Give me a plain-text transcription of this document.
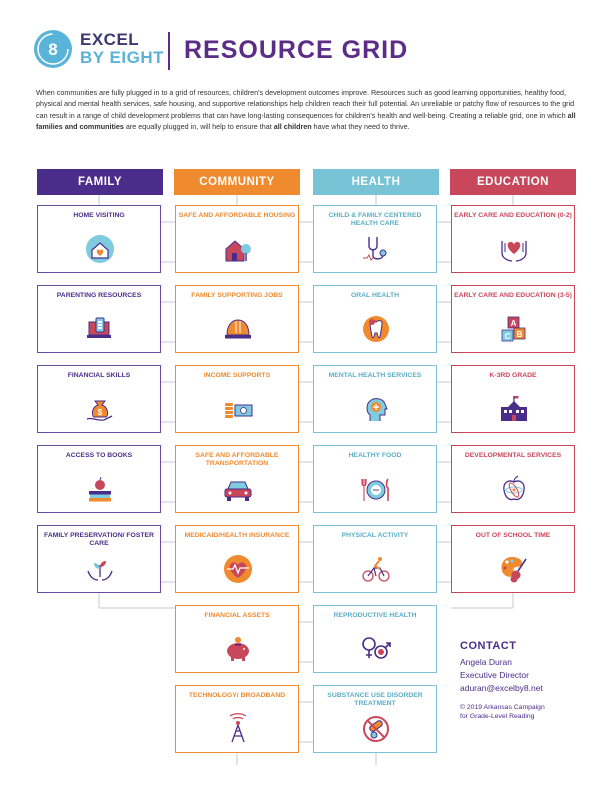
8
EXCEL
BY EIGHT RESOURCE GRID
When communities are fully plugged in to a grid of resources, children's development outcomes improve. Resources such as good learning opportunities, healthy food, physical and mental health services, safe housing, and supportive relationships help children reach their full potential. An unreliable or patchy flow of resources to the grid can result in a range of child development problems that can have long-lasting consequences for children's health and well-being. Creating a reliable grid, one in which all families and communities are equally plugged in, will help to ensure that all children have what they need to thrive.
FAMILY	COMMUNITY	HEALTH	EDUCATION
HOME VISITING
PARENTING RESOURCES
FINANCIAL SKILLS
$
ACCESS TO BOOKS
FAMILY PRESERVATION/ FOSTER CARE
SAFE AND AFFORDABLE HOUSING
FAMILY SUPPORTING JOBS
INCOME SUPPORTS
SAFE AND AFFORDABLE TRANSPORTATION
MEDICAID/HEALTH INSURANCE
FINANCIAL ASSETS
TECHNOLOGY/ BROADBAND
CHILD & FAMILY CENTERED HEALTH CARE
ORAL HEALTH
MENTAL HEALTH SERVICES
HEALTHY FOOD
PHYSICAL ACTIVITY
REPRODUCTIVE HEALTH
SUBSTANCE USE DISORDER TREATMENT
EARLY CARE AND EDUCATION (0-2)
EARLY CARE AND EDUCATION (3-5)
A
B
C
K-3RD GRADE
DEVELOPMENTAL SERVICES
OUT OF SCHOOL TIME
CONTACT
Angela Duran
Executive Director
aduran@excelby8.net
© 2019 Arkansas Campaign
for Grade-Level Reading
